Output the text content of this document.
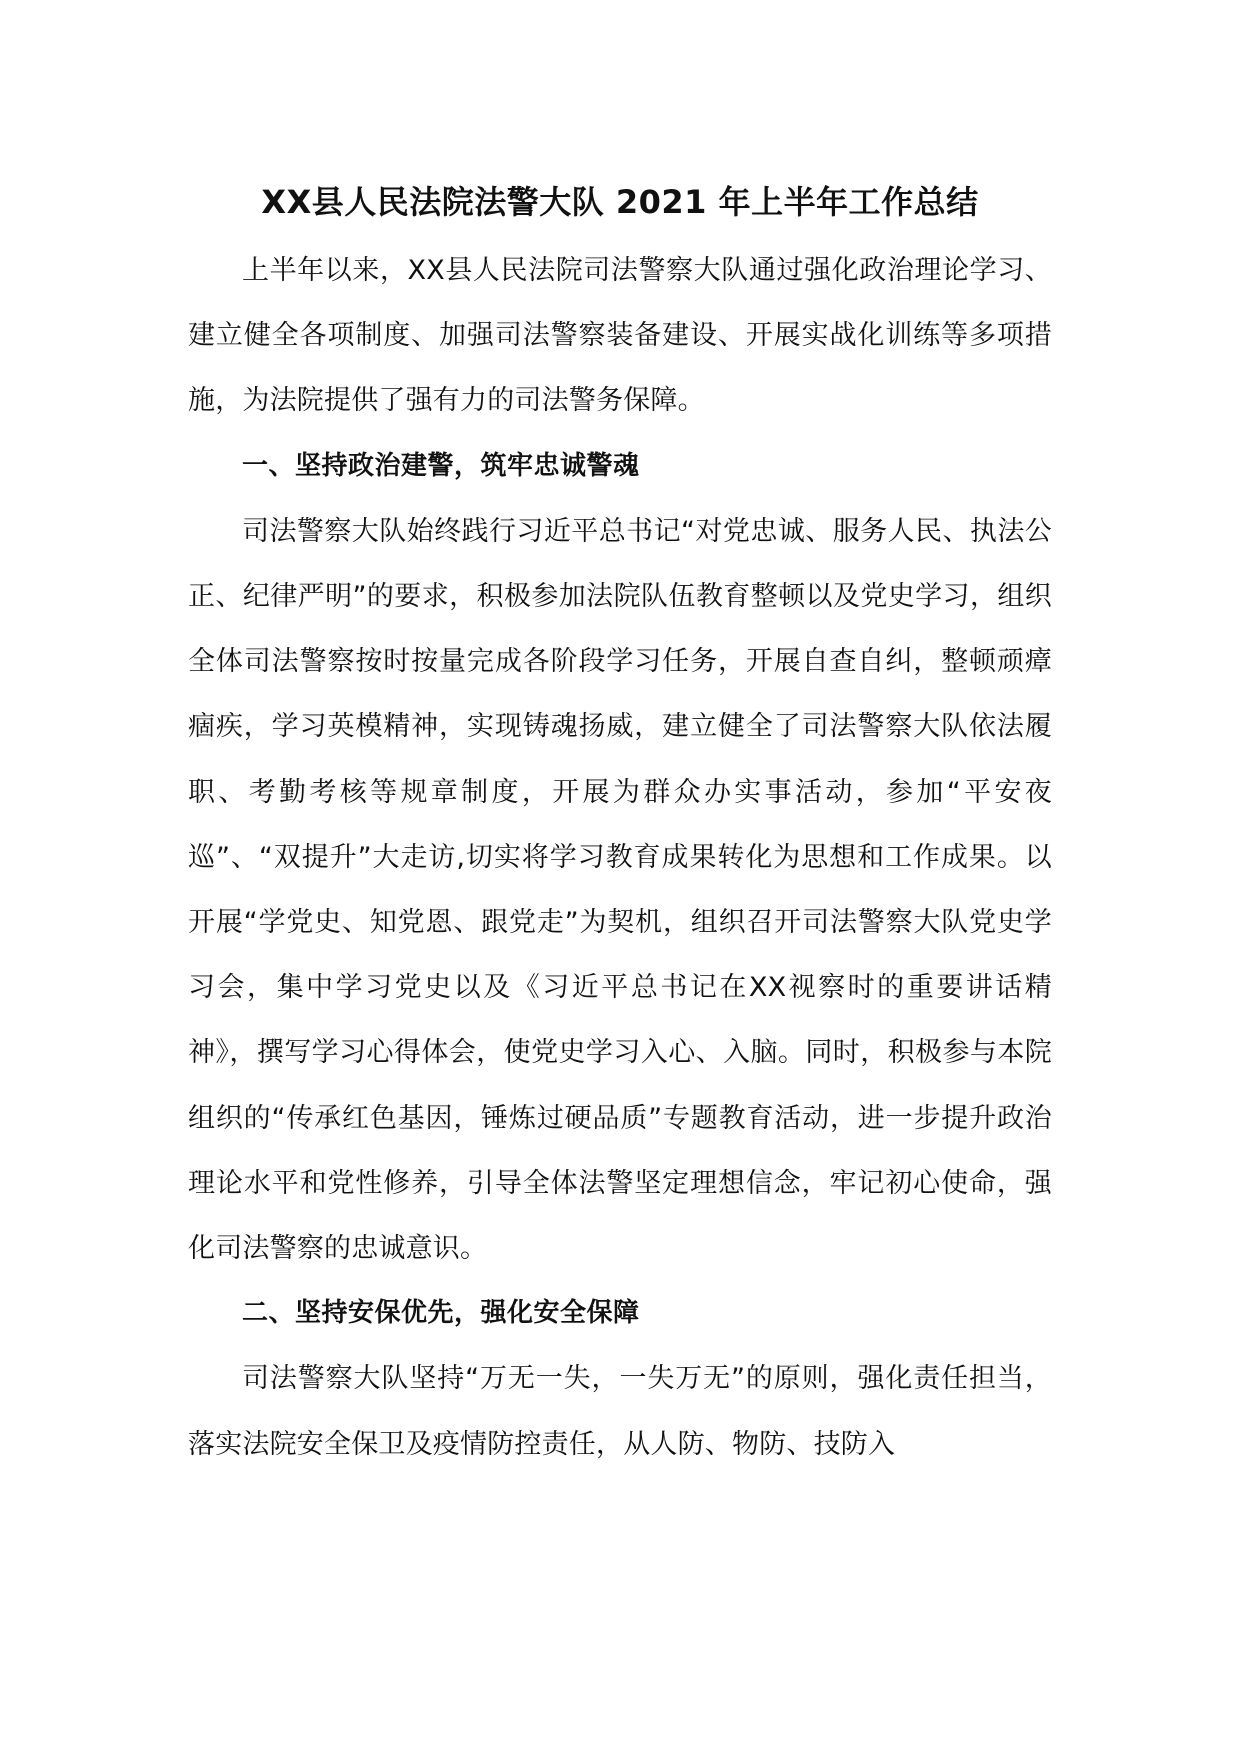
XX县人民法院法警大队 2021 年上半年工作总结

上半年以来，XX县人民法院司法警察大队通过强化政治理论学习、建立健全各项制度、加强司法警察装备建设、开展实战化训练等多项措施，为法院提供了强有力的司法警务保障。

一、坚持政治建警，筑牢忠诚警魂

司法警察大队始终践行习近平总书记“对党忠诚、服务人民、执法公正、纪律严明”的要求，积极参加法院队伍教育整顿以及党史学习，组织全体司法警察按时按量完成各阶段学习任务，开展自查自纠，整顿顽瘴痼疾，学习英模精神，实现铸魂扬威，建立健全了司法警察大队依法履职、考勤考核等规章制度，开展为群众办实事活动，参加“平安夜巡”、“双提升”大走访,切实将学习教育成果转化为思想和工作成果。以开展“学党史、知党恩、跟党走”为契机，组织召开司法警察大队党史学习会，集中学习党史以及《习近平总书记在XX视察时的重要讲话精神》，撰写学习心得体会，使党史学习入心、入脑。同时，积极参与本院组织的“传承红色基因，锤炼过硬品质”专题教育活动，进一步提升政治理论水平和党性修养，引导全体法警坚定理想信念，牢记初心使命，强化司法警察的忠诚意识。

二、坚持安保优先，强化安全保障

司法警察大队坚持“万无一失，一失万无”的原则，强化责任担当，落实法院安全保卫及疫情防控责任，从人防、物防、技防入
